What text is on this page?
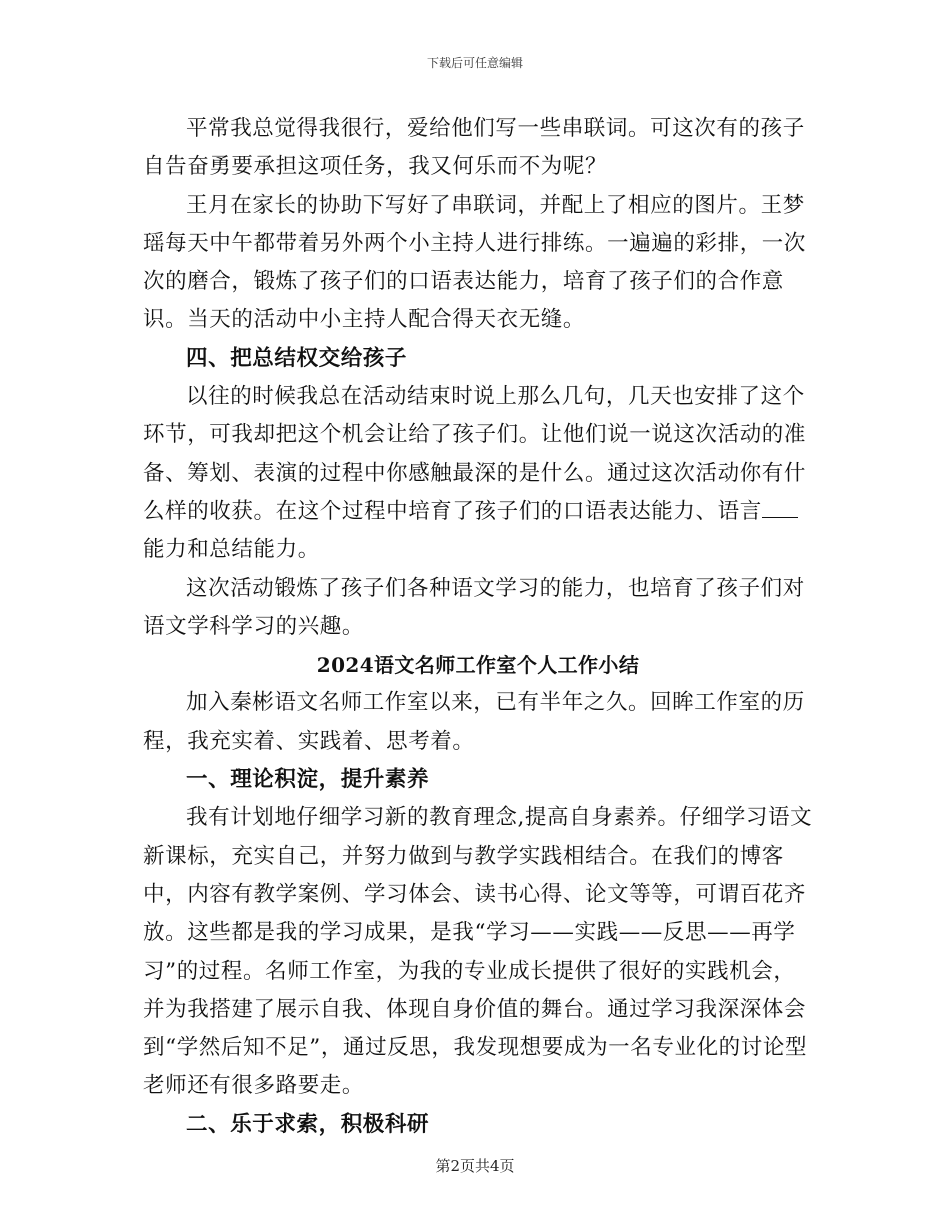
下载后可任意编辑

平常我总觉得我很行，爱给他们写一些串联词。可这次有的孩子自告奋勇要承担这项任务，我又何乐而不为呢？

王月在家长的协助下写好了串联词，并配上了相应的图片。王梦瑶每天中午都带着另外两个小主持人进行排练。一遍遍的彩排，一次次的磨合，锻炼了孩子们的口语表达能力，培育了孩子们的合作意识。当天的活动中小主持人配合得天衣无缝。

四、把总结权交给孩子

以往的时候我总在活动结束时说上那么几句，几天也安排了这个环节，可我却把这个机会让给了孩子们。让他们说一说这次活动的准备、筹划、表演的过程中你感触最深的是什么。通过这次活动你有什么样的收获。在这个过程中培育了孩子们的口语表达能力、语言能力和总结能力。

这次活动锻炼了孩子们各种语文学习的能力，也培育了孩子们对语文学科学习的兴趣。

2024语文名师工作室个人工作小结

加入秦彬语文名师工作室以来，已有半年之久。回眸工作室的历程，我充实着、实践着、思考着。

一、理论积淀，提升素养

我有计划地仔细学习新的教育理念,提高自身素养。仔细学习语文新课标，充实自己，并努力做到与教学实践相结合。在我们的博客中，内容有教学案例、学习体会、读书心得、论文等等，可谓百花齐放。这些都是我的学习成果，是我“学习——实践——反思——再学习”的过程。名师工作室，为我的专业成长提供了很好的实践机会，并为我搭建了展示自我、体现自身价值的舞台。通过学习我深深体会到“学然后知不足”，通过反思，我发现想要成为一名专业化的讨论型老师还有很多路要走。

二、乐于求索，积极科研

第2页共4页
